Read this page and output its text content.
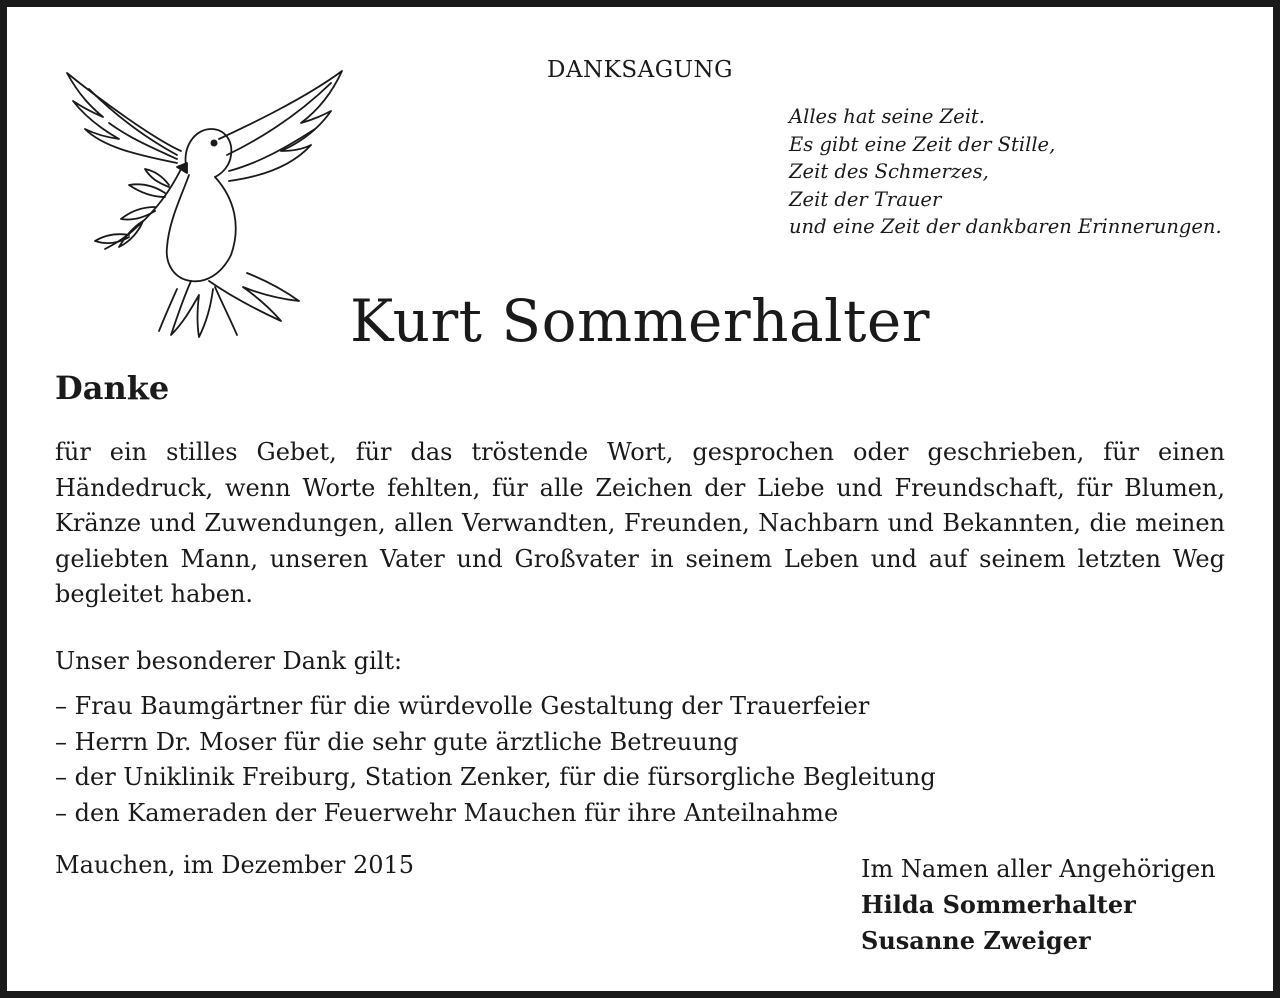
DANKSAGUNG
Alles hat seine Zeit.
Es gibt eine Zeit der Stille,
Zeit des Schmerzes,
Zeit der Trauer
und eine Zeit der dankbaren Erinnerungen.
Kurt Sommerhalter
Danke
für ein stilles Gebet, für das tröstende Wort, gesprochen oder geschrieben, für einen Händedruck, wenn Worte fehlten, für alle Zeichen der Liebe und Freundschaft, für Blumen, Kränze und Zuwendungen, allen Verwandten, Freunden, Nachbarn und Bekannten, die meinen geliebten Mann, unseren Vater und Großvater in seinem Leben und auf seinem letzten Weg begleitet haben.
Unser besonderer Dank gilt:
– Frau Baumgärtner für die würdevolle Gestaltung der Trauerfeier
– Herrn Dr. Moser für die sehr gute ärztliche Betreuung
– der Uniklinik Freiburg, Station Zenker, für die fürsorgliche Begleitung
– den Kameraden der Feuerwehr Mauchen für ihre Anteilnahme
Mauchen, im Dezember 2015	Im Namen aller Angehörigen
Hilda Sommerhalter
Susanne Zweiger
